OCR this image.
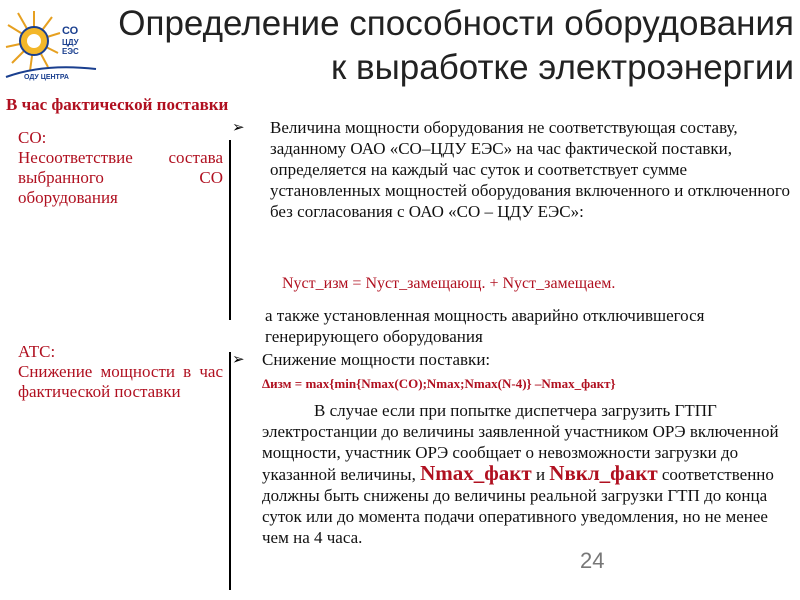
СО
ЦДУ
ЕЭС
ОДУ ЦЕНТРА
Определение способности оборудования
к выработке электроэнергии
В час фактической поставки
СО:
Несоответствие состава выбранного СО оборудования
АТС:
Снижение мощности в час фактической поставки
➢ Величина мощности оборудования не соответствующая составу, заданному ОАО «СО–ЦДУ ЕЭС» на час фактической поставки, определяется на каждый час суток и соответствует сумме установленных мощностей оборудования включенного и отключенного без согласования с ОАО «СО – ЦДУ ЕЭС»:
Nуст_изм = Nуст_замещающ. + Nуст_замещаем.
а также установленная мощность аварийно отключившегося генерирующего оборудования
➢ Снижение мощности поставки:
Δизм = max{min{Nmax(CO);Nmax;Nmax(N-4)} –Nmax_факт}
В случае если при попытке диспетчера загрузить ГТПГ электростанции до величины заявленной участником ОРЭ включенной мощности, участник ОРЭ сообщает о невозможности загрузки до указанной величины, Nmax_факт и Nвкл_факт соответственно должны быть снижены до величины реальной загрузки ГТП до конца суток или до момента подачи оперативного уведомления, но не менее чем на 4 часа.
24
